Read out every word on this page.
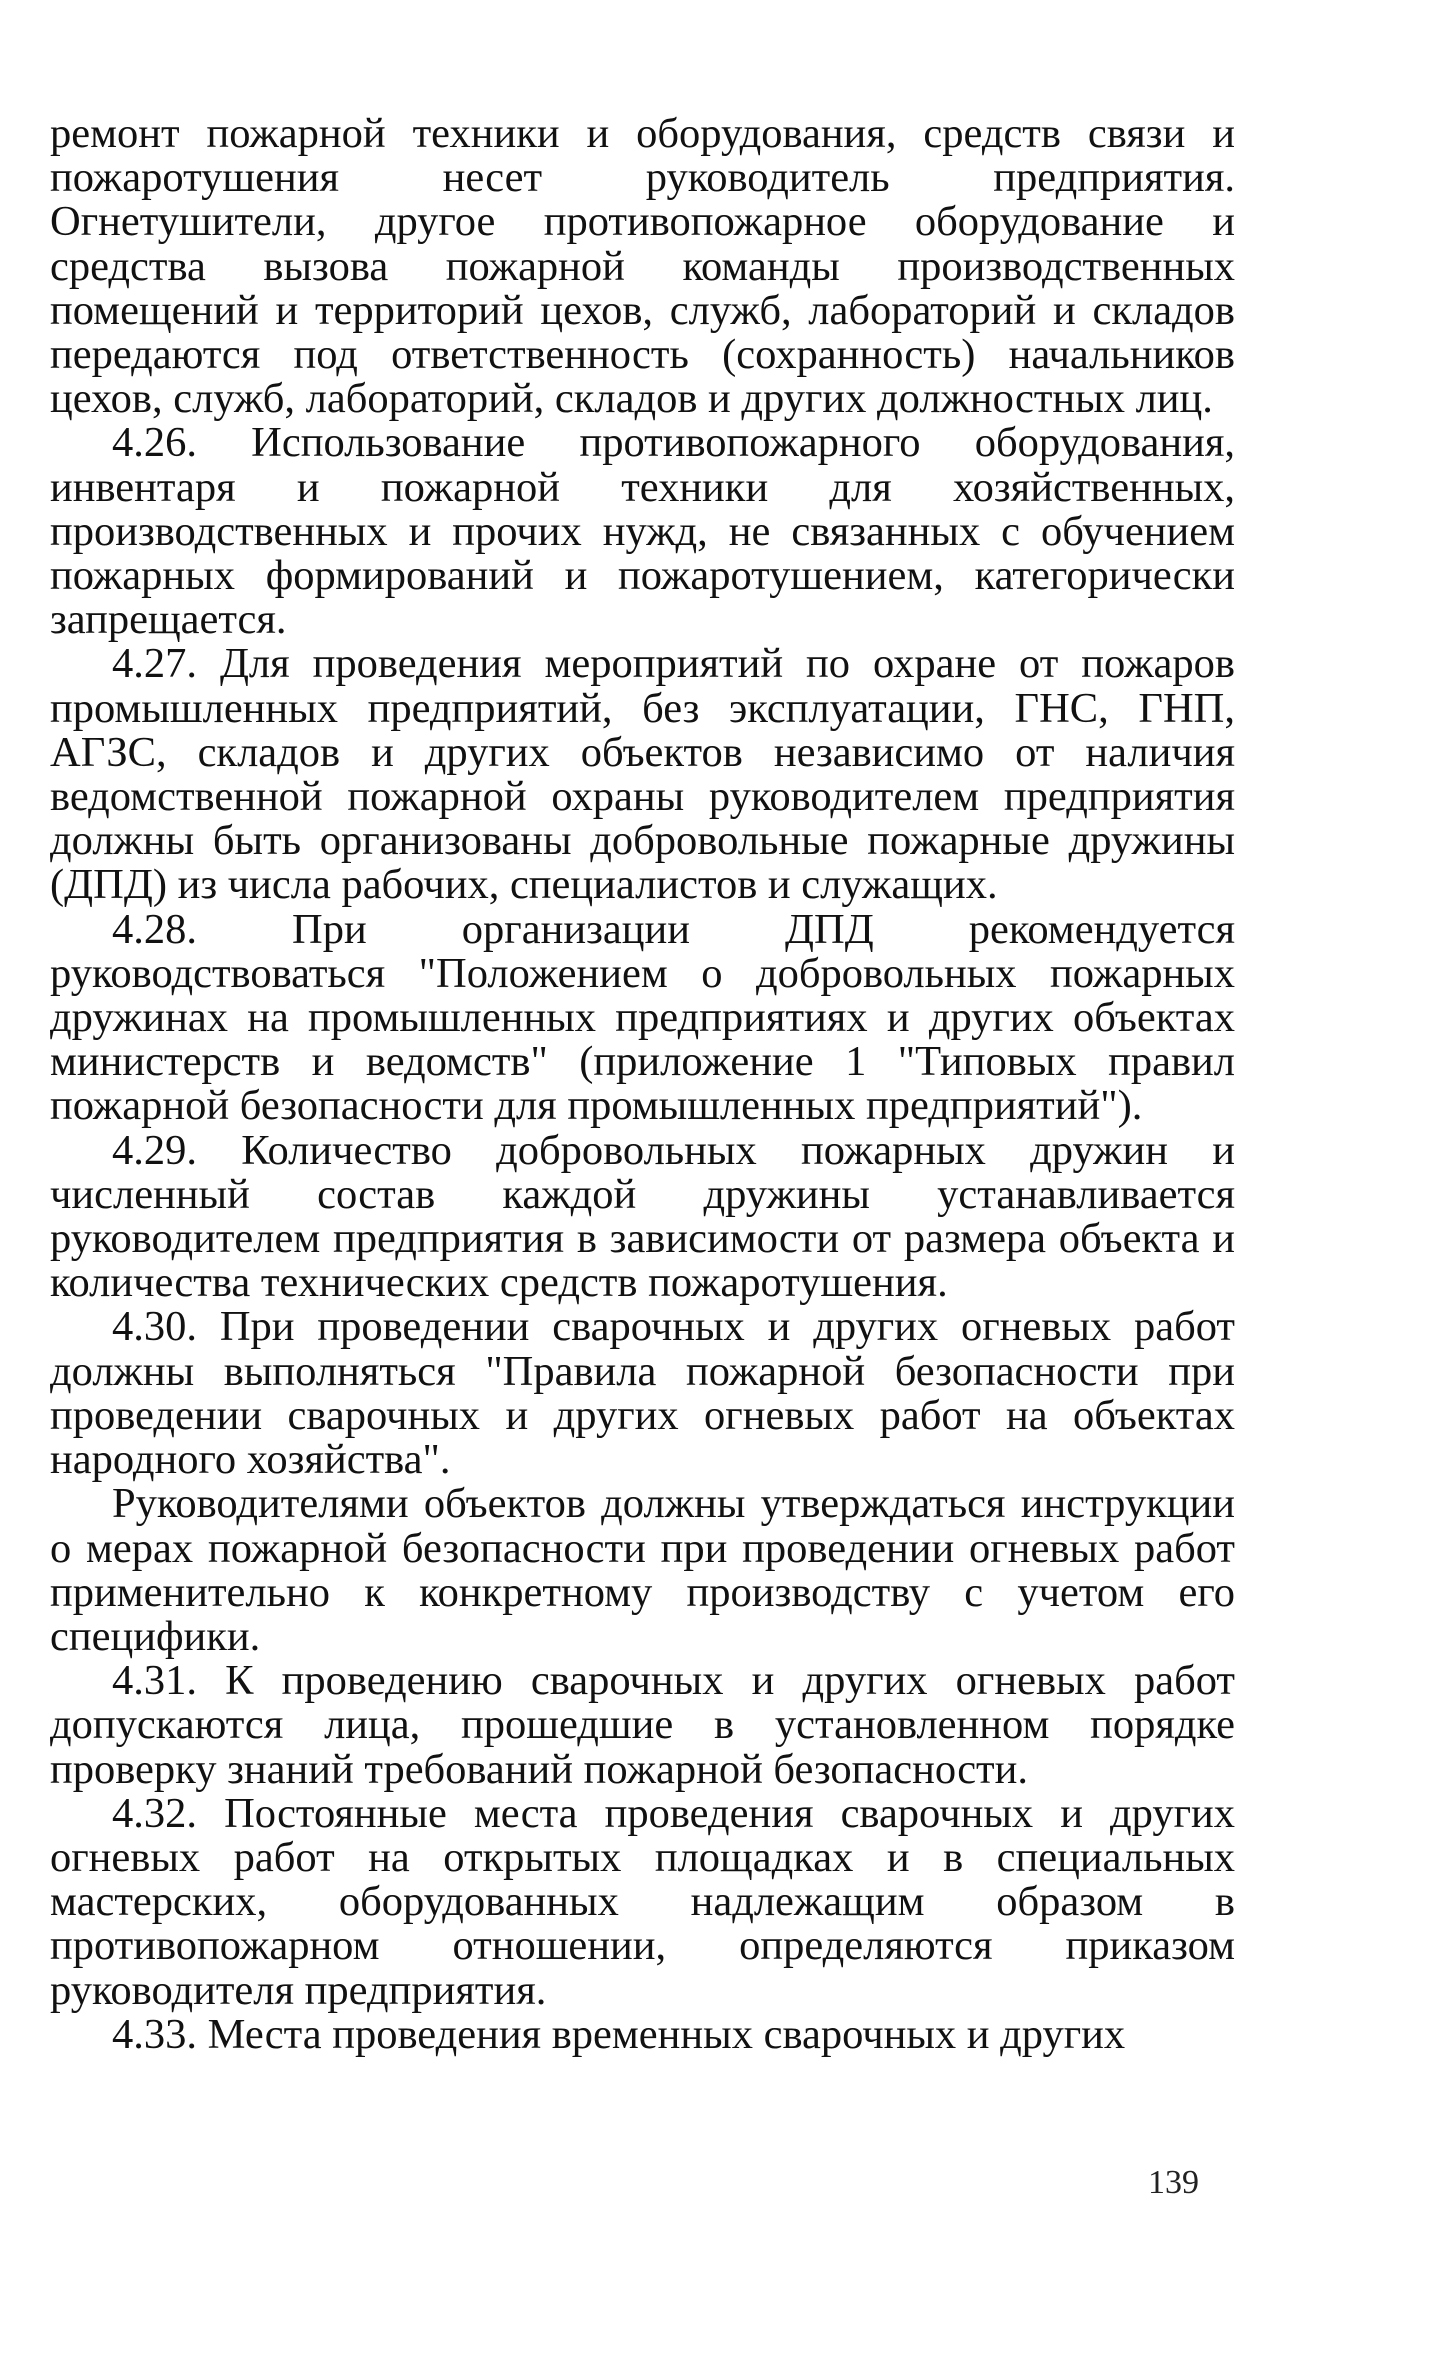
ремонт пожарной техники и оборудования, средств связи и пожаротушения несет руководитель предприятия. Огнетушители, другое противопожарное оборудование и средства вызова пожарной команды производственных помещений и территорий цехов, служб, лабораторий и складов передаются под ответственность (сохранность) начальников цехов, служб, лабораторий, складов и других должностных лиц.

4.26. Использование противопожарного оборудования, инвентаря и пожарной техники для хозяйственных, производственных и прочих нужд, не связанных с обучением пожарных формирований и пожаротушением, категорически запрещается.

4.27. Для проведения мероприятий по охране от пожаров промышленных предприятий, без эксплуатации, ГНС, ГНП, АГЗС, складов и других объектов независимо от наличия ведомственной пожарной охраны руководителем предприятия должны быть организованы добровольные пожарные дружины (ДПД) из числа рабочих, специалистов и служащих.

4.28. При организации ДПД рекомендуется руководствоваться "Положением о добровольных пожарных дружинах на промышленных предприятиях и других объектах министерств и ведомств" (приложение 1 "Типовых правил пожарной безопасности для промышленных предприятий").

4.29. Количество добровольных пожарных дружин и численный состав каждой дружины устанавливается руководителем предприятия в зависимости от размера объекта и количества технических средств пожаротушения.

4.30. При проведении сварочных и других огневых работ должны выполняться "Правила пожарной безопасности при проведении сварочных и других огневых работ на объектах народного хозяйства".

Руководителями объектов должны утверждаться инструкции о мерах пожарной безопасности при проведении огневых работ применительно к конкретному производству с учетом его специфики.

4.31. К проведению сварочных и других огневых работ допускаются лица, прошедшие в установленном порядке проверку знаний требований пожарной безопасности.

4.32. Постоянные места проведения сварочных и других огневых работ на открытых площадках и в специальных мастерских, оборудованных надлежащим образом в противопожарном отношении, определяются приказом руководителя предприятия.

4.33. Места проведения временных сварочных и других

139
